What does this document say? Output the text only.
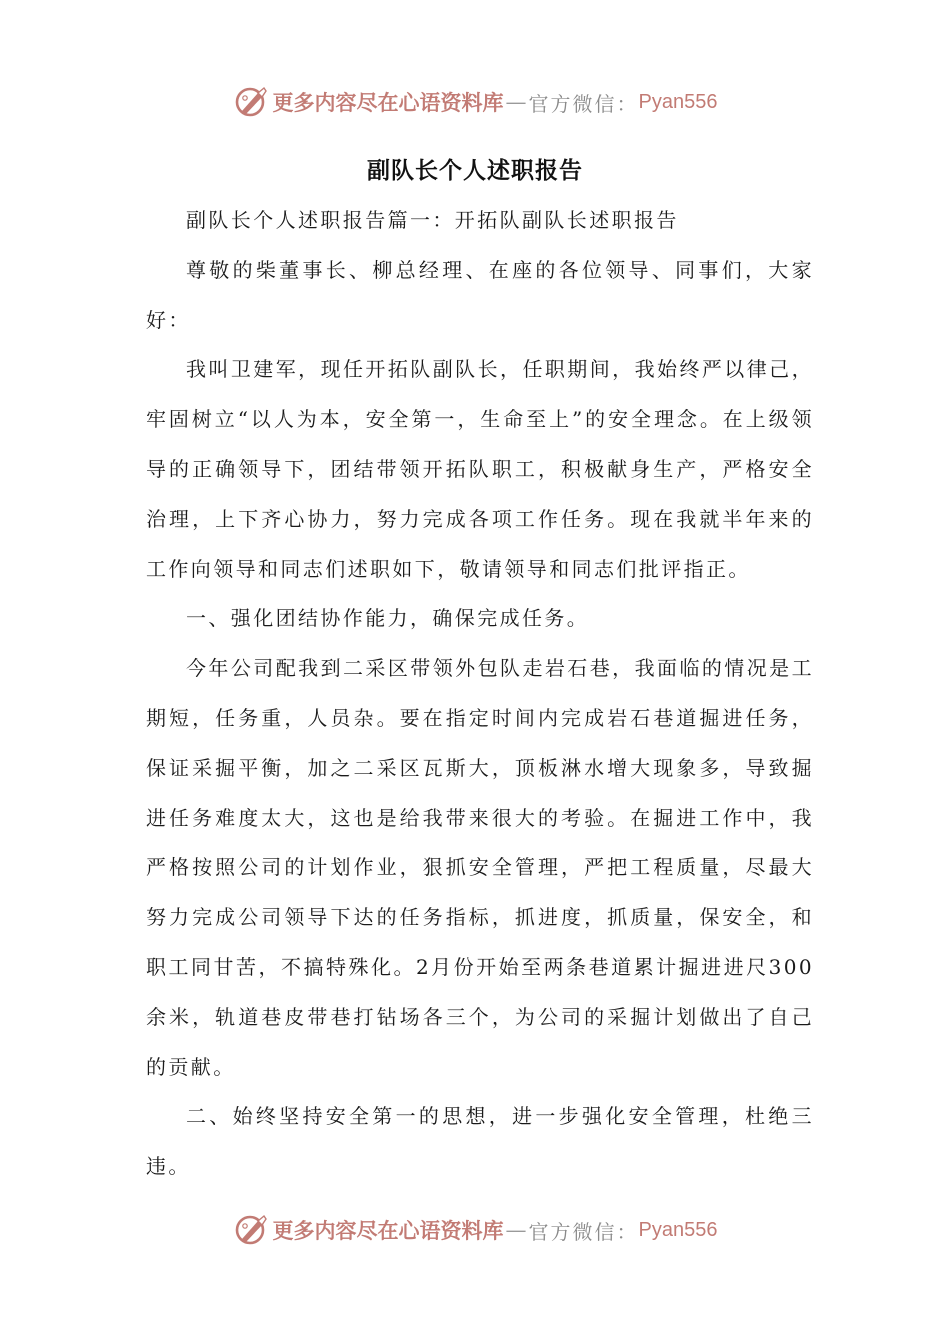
更多内容尽在心语资料库 — 官方微信： Pyan556
副队长个人述职报告

副队长个人述职报告篇一：开拓队副队长述职报告

尊敬的柴董事长、柳总经理、在座的各位领导、同事们，大家好：

我叫卫建军，现任开拓队副队长，任职期间，我始终严以律己，牢固树立“以人为本，安全第一，生命至上”的安全理念。在上级领导的正确领导下，团结带领开拓队职工，积极献身生产，严格安全治理，上下齐心协力，努力完成各项工作任务。现在我就半年来的工作向领导和同志们述职如下，敬请领导和同志们批评指正。

一、强化团结协作能力，确保完成任务。

今年公司配我到二采区带领外包队走岩石巷，我面临的情况是工期短，任务重，人员杂。要在指定时间内完成岩石巷道掘进任务，保证采掘平衡，加之二采区瓦斯大，顶板淋水增大现象多，导致掘进任务难度太大，这也是给我带来很大的考验。在掘进工作中，我严格按照公司的计划作业，狠抓安全管理，严把工程质量，尽最大努力完成公司领导下达的任务指标，抓进度，抓质量，保安全，和职工同甘苦，不搞特殊化。2月份开始至两条巷道累计掘进进尺300余米，轨道巷皮带巷打钻场各三个，为公司的采掘计划做出了自己的贡献。

二、始终坚持安全第一的思想，进一步强化安全管理，杜绝三违。

更多内容尽在心语资料库 — 官方微信： Pyan556
